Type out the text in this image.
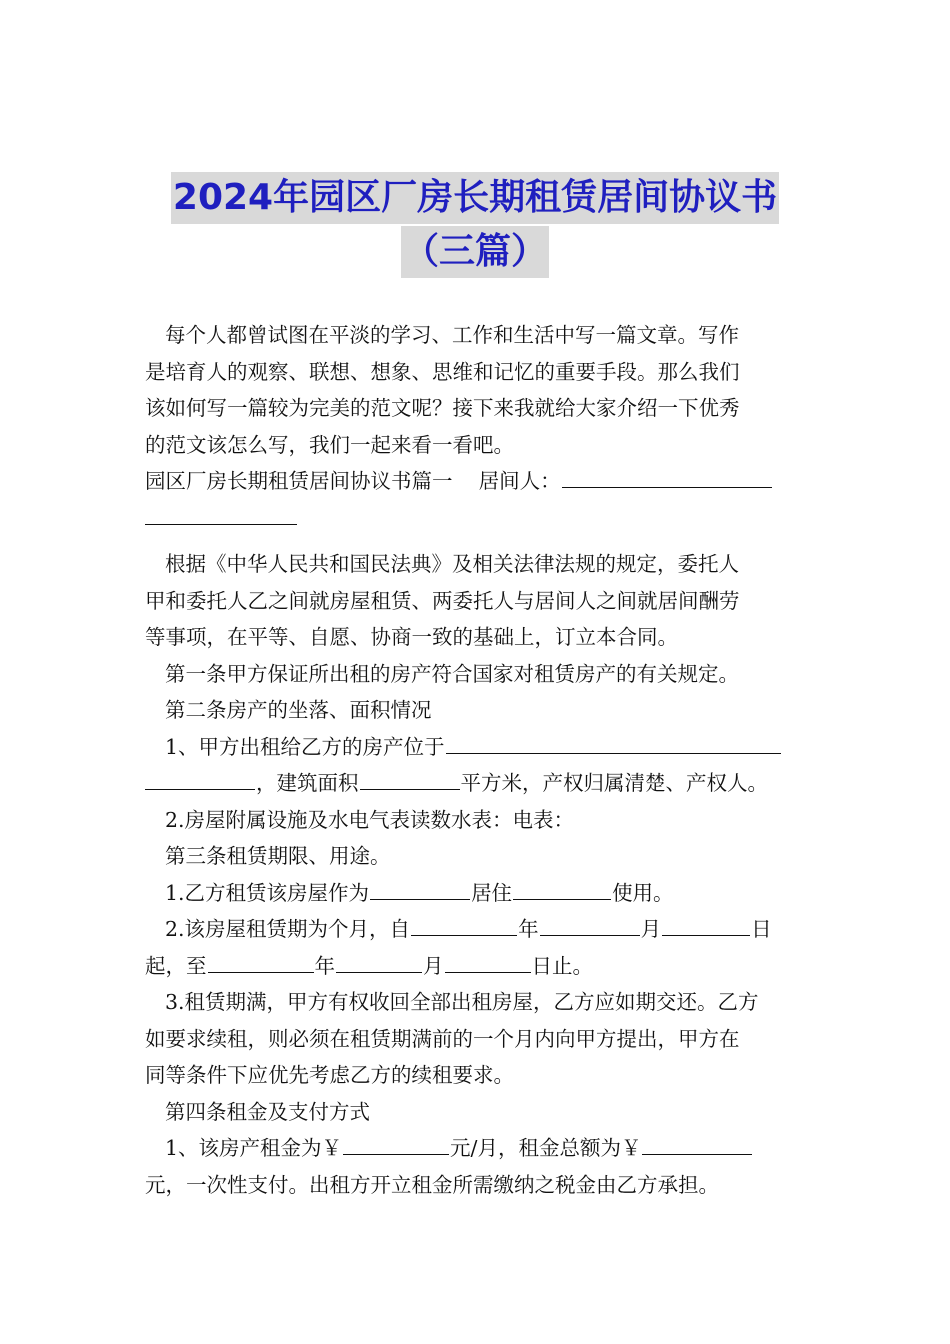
2024年园区厂房长期租赁居间协议书
（三篇）

每个人都曾试图在平淡的学习、工作和生活中写一篇文章。写作

是培育人的观察、联想、想象、思维和记忆的重要手段。那么我们

该如何写一篇较为完美的范文呢？接下来我就给大家介绍一下优秀

的范文该怎么写，我们一起来看一看吧。

园区厂房长期租赁居间协议书篇一 居间人：

根据《中华人民共和国民法典》及相关法律法规的规定，委托人

甲和委托人乙之间就房屋租赁、两委托人与居间人之间就居间酬劳

等事项，在平等、自愿、协商一致的基础上，订立本合同。

第一条甲方保证所出租的房产符合国家对租赁房产的有关规定。

第二条房产的坐落、面积情况

1、甲方出租给乙方的房产位于

，建筑面积	平方米，产权归属清楚、产权人。

2.房屋附属设施及水电气表读数水表：电表：

第三条租赁期限、用途。

1.乙方租赁该房屋作为	居住	使用。

2.该房屋租赁期为个月，自	年	月	日

起，至	年	月	日止。

3.租赁期满，甲方有权收回全部出租房屋，乙方应如期交还。乙方

如要求续租，则必须在租赁期满前的一个月内向甲方提出，甲方在

同等条件下应优先考虑乙方的续租要求。

第四条租金及支付方式

1、该房产租金为￥	元/月，租金总额为￥

元，一次性支付。出租方开立租金所需缴纳之税金由乙方承担。
